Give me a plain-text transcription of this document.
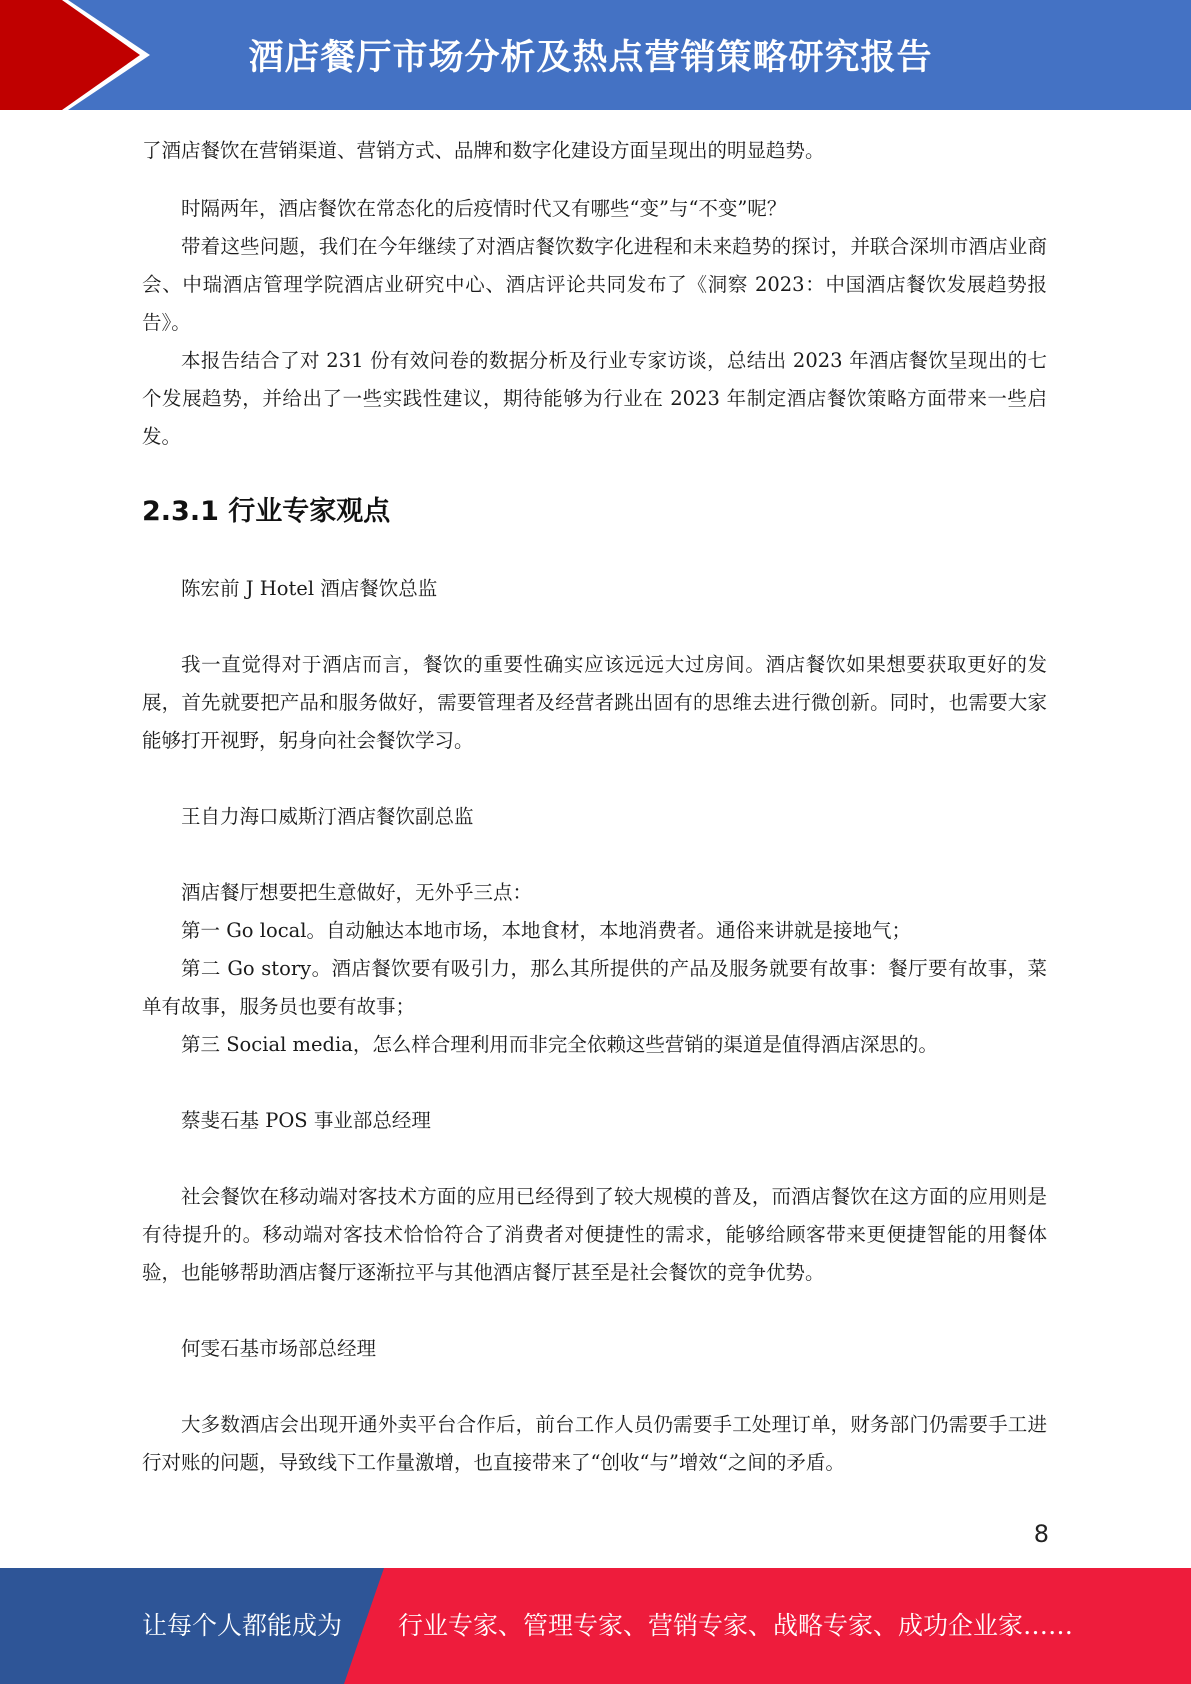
酒店餐厅市场分析及热点营销策略研究报告

了酒店餐饮在营销渠道、营销方式、品牌和数字化建设方面呈现出的明显趋势。

时隔两年，酒店餐饮在常态化的后疫情时代又有哪些“变”与“不变”呢？

带着这些问题，我们在今年继续了对酒店餐饮数字化进程和未来趋势的探讨，并联合深圳市酒店业商会、中瑞酒店管理学院酒店业研究中心、酒店评论共同发布了《洞察 2023：中国酒店餐饮发展趋势报告》。

本报告结合了对 231 份有效问卷的数据分析及行业专家访谈，总结出 2023 年酒店餐饮呈现出的七个发展趋势，并给出了一些实践性建议，期待能够为行业在 2023 年制定酒店餐饮策略方面带来一些启发。

2.3.1 行业专家观点

陈宏前 J Hotel 酒店餐饮总监

我一直觉得对于酒店而言，餐饮的重要性确实应该远远大过房间。酒店餐饮如果想要获取更好的发展，首先就要把产品和服务做好，需要管理者及经营者跳出固有的思维去进行微创新。同时，也需要大家能够打开视野，躬身向社会餐饮学习。

王自力海口威斯汀酒店餐饮副总监

酒店餐厅想要把生意做好，无外乎三点：

第一 Go local。自动触达本地市场，本地食材，本地消费者。通俗来讲就是接地气；

第二 Go story。酒店餐饮要有吸引力，那么其所提供的产品及服务就要有故事：餐厅要有故事，菜单有故事，服务员也要有故事；

第三 Social media，怎么样合理利用而非完全依赖这些营销的渠道是值得酒店深思的。

蔡斐石基 POS 事业部总经理

社会餐饮在移动端对客技术方面的应用已经得到了较大规模的普及，而酒店餐饮在这方面的应用则是有待提升的。移动端对客技术恰恰符合了消费者对便捷性的需求，能够给顾客带来更便捷智能的用餐体验，也能够帮助酒店餐厅逐渐拉平与其他酒店餐厅甚至是社会餐饮的竞争优势。

何雯石基市场部总经理

大多数酒店会出现开通外卖平台合作后，前台工作人员仍需要手工处理订单，财务部门仍需要手工进行对账的问题，导致线下工作量激增，也直接带来了“创收“与”增效“之间的矛盾。

8
让每个人都能成为 行业专家、管理专家、营销专家、战略专家、成功企业家……
